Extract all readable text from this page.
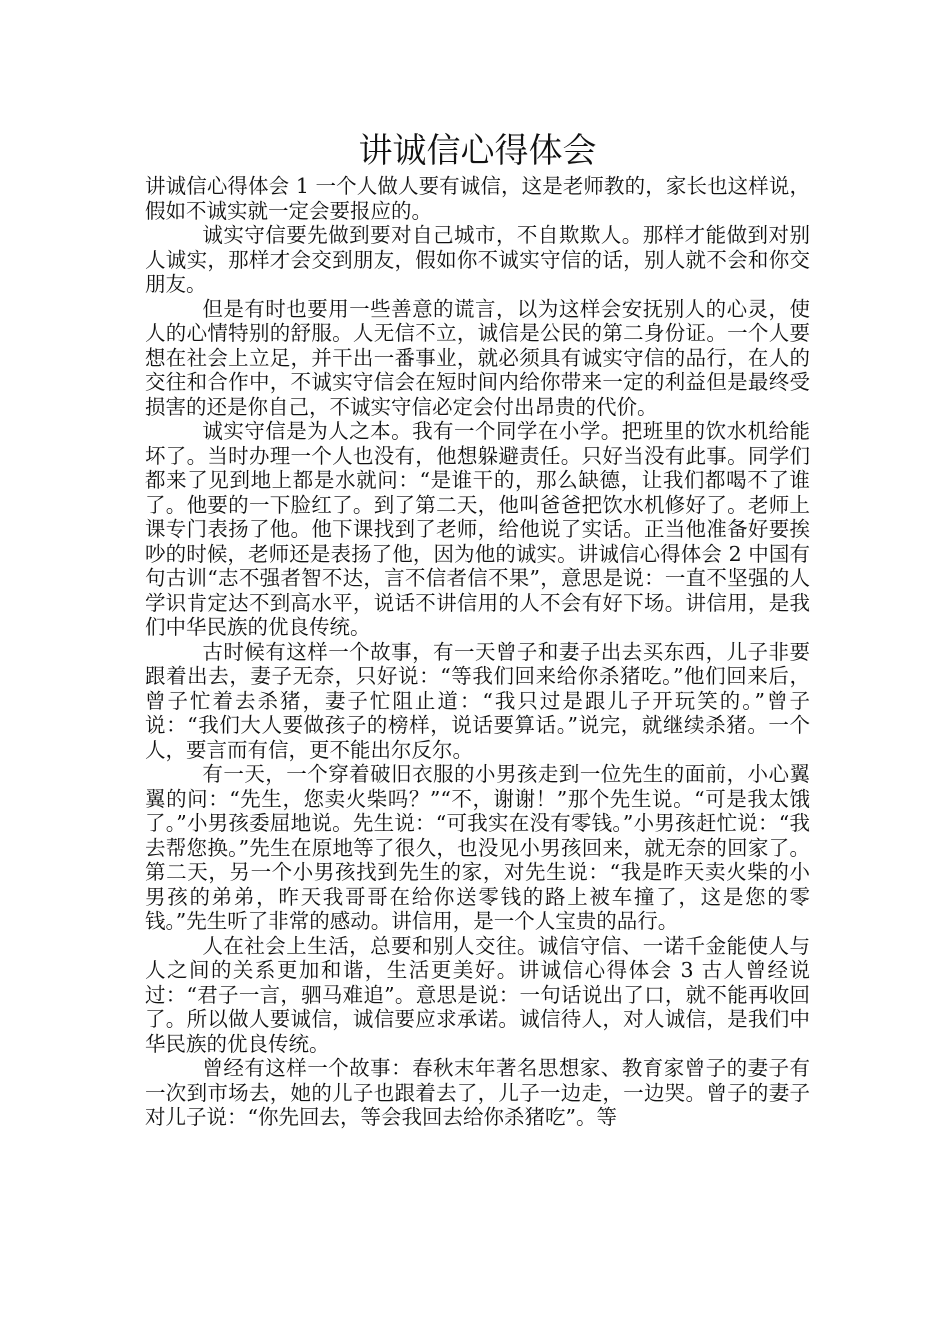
讲诚信心得体会

讲诚信心得体会 1 一个人做人要有诚信，这是老师教的，家长也这样说，假如不诚实就一定会要报应的。

诚实守信要先做到要对自己城市，不自欺欺人。那样才能做到对别人诚实，那样才会交到朋友，假如你不诚实守信的话，别人就不会和你交朋友。

但是有时也要用一些善意的谎言，以为这样会安抚别人的心灵，使人的心情特别的舒服。人无信不立，诚信是公民的第二身份证。一个人要想在社会上立足，并干出一番事业，就必须具有诚实守信的品行，在人的交往和合作中，不诚实守信会在短时间内给你带来一定的利益但是最终受损害的还是你自己，不诚实守信必定会付出昂贵的代价。

诚实守信是为人之本。我有一个同学在小学。把班里的饮水机给能坏了。当时办理一个人也没有，他想躲避责任。只好当没有此事。同学们都来了见到地上都是水就问：“是谁干的，那么缺德，让我们都喝不了谁了。他要的一下脸红了。到了第二天，他叫爸爸把饮水机修好了。老师上课专门表扬了他。他下课找到了老师，给他说了实话。正当他准备好要挨吵的时候，老师还是表扬了他，因为他的诚实。讲诚信心得体会 2 中国有句古训“志不强者智不达，言不信者信不果”，意思是说：一直不坚强的人学识肯定达不到高水平，说话不讲信用的人不会有好下场。讲信用，是我们中华民族的优良传统。

古时候有这样一个故事，有一天曾子和妻子出去买东西，儿子非要跟着出去，妻子无奈，只好说：“等我们回来给你杀猪吃。”他们回来后，曾子忙着去杀猪，妻子忙阻止道：“我只过是跟儿子开玩笑的。”曾子说：“我们大人要做孩子的榜样，说话要算话。”说完，就继续杀猪。一个人，要言而有信，更不能出尔反尔。

有一天，一个穿着破旧衣服的小男孩走到一位先生的面前，小心翼翼的问：“先生，您卖火柴吗？”“不，谢谢！”那个先生说。“可是我太饿了。”小男孩委屈地说。先生说：“可我实在没有零钱。”小男孩赶忙说：“我去帮您换。”先生在原地等了很久，也没见小男孩回来，就无奈的回家了。第二天，另一个小男孩找到先生的家，对先生说：“我是昨天卖火柴的小男孩的弟弟，昨天我哥哥在给你送零钱的路上被车撞了，这是您的零钱。”先生听了非常的感动。讲信用，是一个人宝贵的品行。

人在社会上生活，总要和别人交往。诚信守信、一诺千金能使人与人之间的关系更加和谐，生活更美好。讲诚信心得体会 3 古人曾经说过：“君子一言，驷马难追”。意思是说：一句话说出了口，就不能再收回了。所以做人要诚信，诚信要应求承诺。诚信待人，对人诚信，是我们中华民族的优良传统。

曾经有这样一个故事：春秋末年著名思想家、教育家曾子的妻子有一次到市场去，她的儿子也跟着去了，儿子一边走，一边哭。曾子的妻子对儿子说：“你先回去，等会我回去给你杀猪吃”。等
